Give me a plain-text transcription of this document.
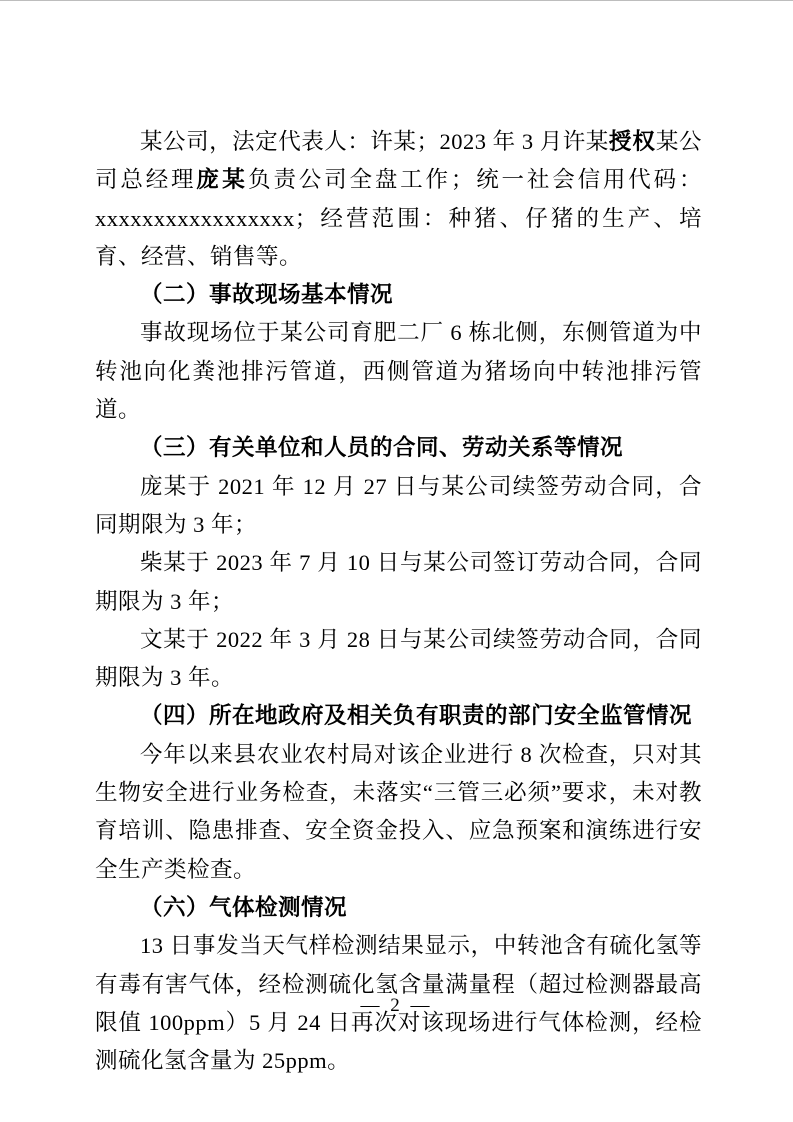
某公司，法定代表人：许某；2023 年 3 月许某授权某公司总经理庞某负责公司全盘工作；统一社会信用代码：xxxxxxxxxxxxxxxxx；经营范围：种猪、仔猪的生产、培育、经营、销售等。

（二）事故现场基本情况

事故现场位于某公司育肥二厂 6 栋北侧，东侧管道为中转池向化粪池排污管道，西侧管道为猪场向中转池排污管道。

（三）有关单位和人员的合同、劳动关系等情况

庞某于 2021 年 12 月 27 日与某公司续签劳动合同，合同期限为 3 年；

柴某于 2023 年 7 月 10 日与某公司签订劳动合同，合同期限为 3 年；

文某于 2022 年 3 月 28 日与某公司续签劳动合同，合同期限为 3 年。

（四）所在地政府及相关负有职责的部门安全监管情况

今年以来县农业农村局对该企业进行 8 次检查，只对其生物安全进行业务检查，未落实“三管三必须”要求，未对教育培训、隐患排查、安全资金投入、应急预案和演练进行安全生产类检查。

（六）气体检测情况

13 日事发当天气样检测结果显示，中转池含有硫化氢等有毒有害气体，经检测硫化氢含量满量程（超过检测器最高限值 100ppm）5 月 24 日再次对该现场进行气体检测，经检测硫化氢含量为 25ppm。

— 2 —
